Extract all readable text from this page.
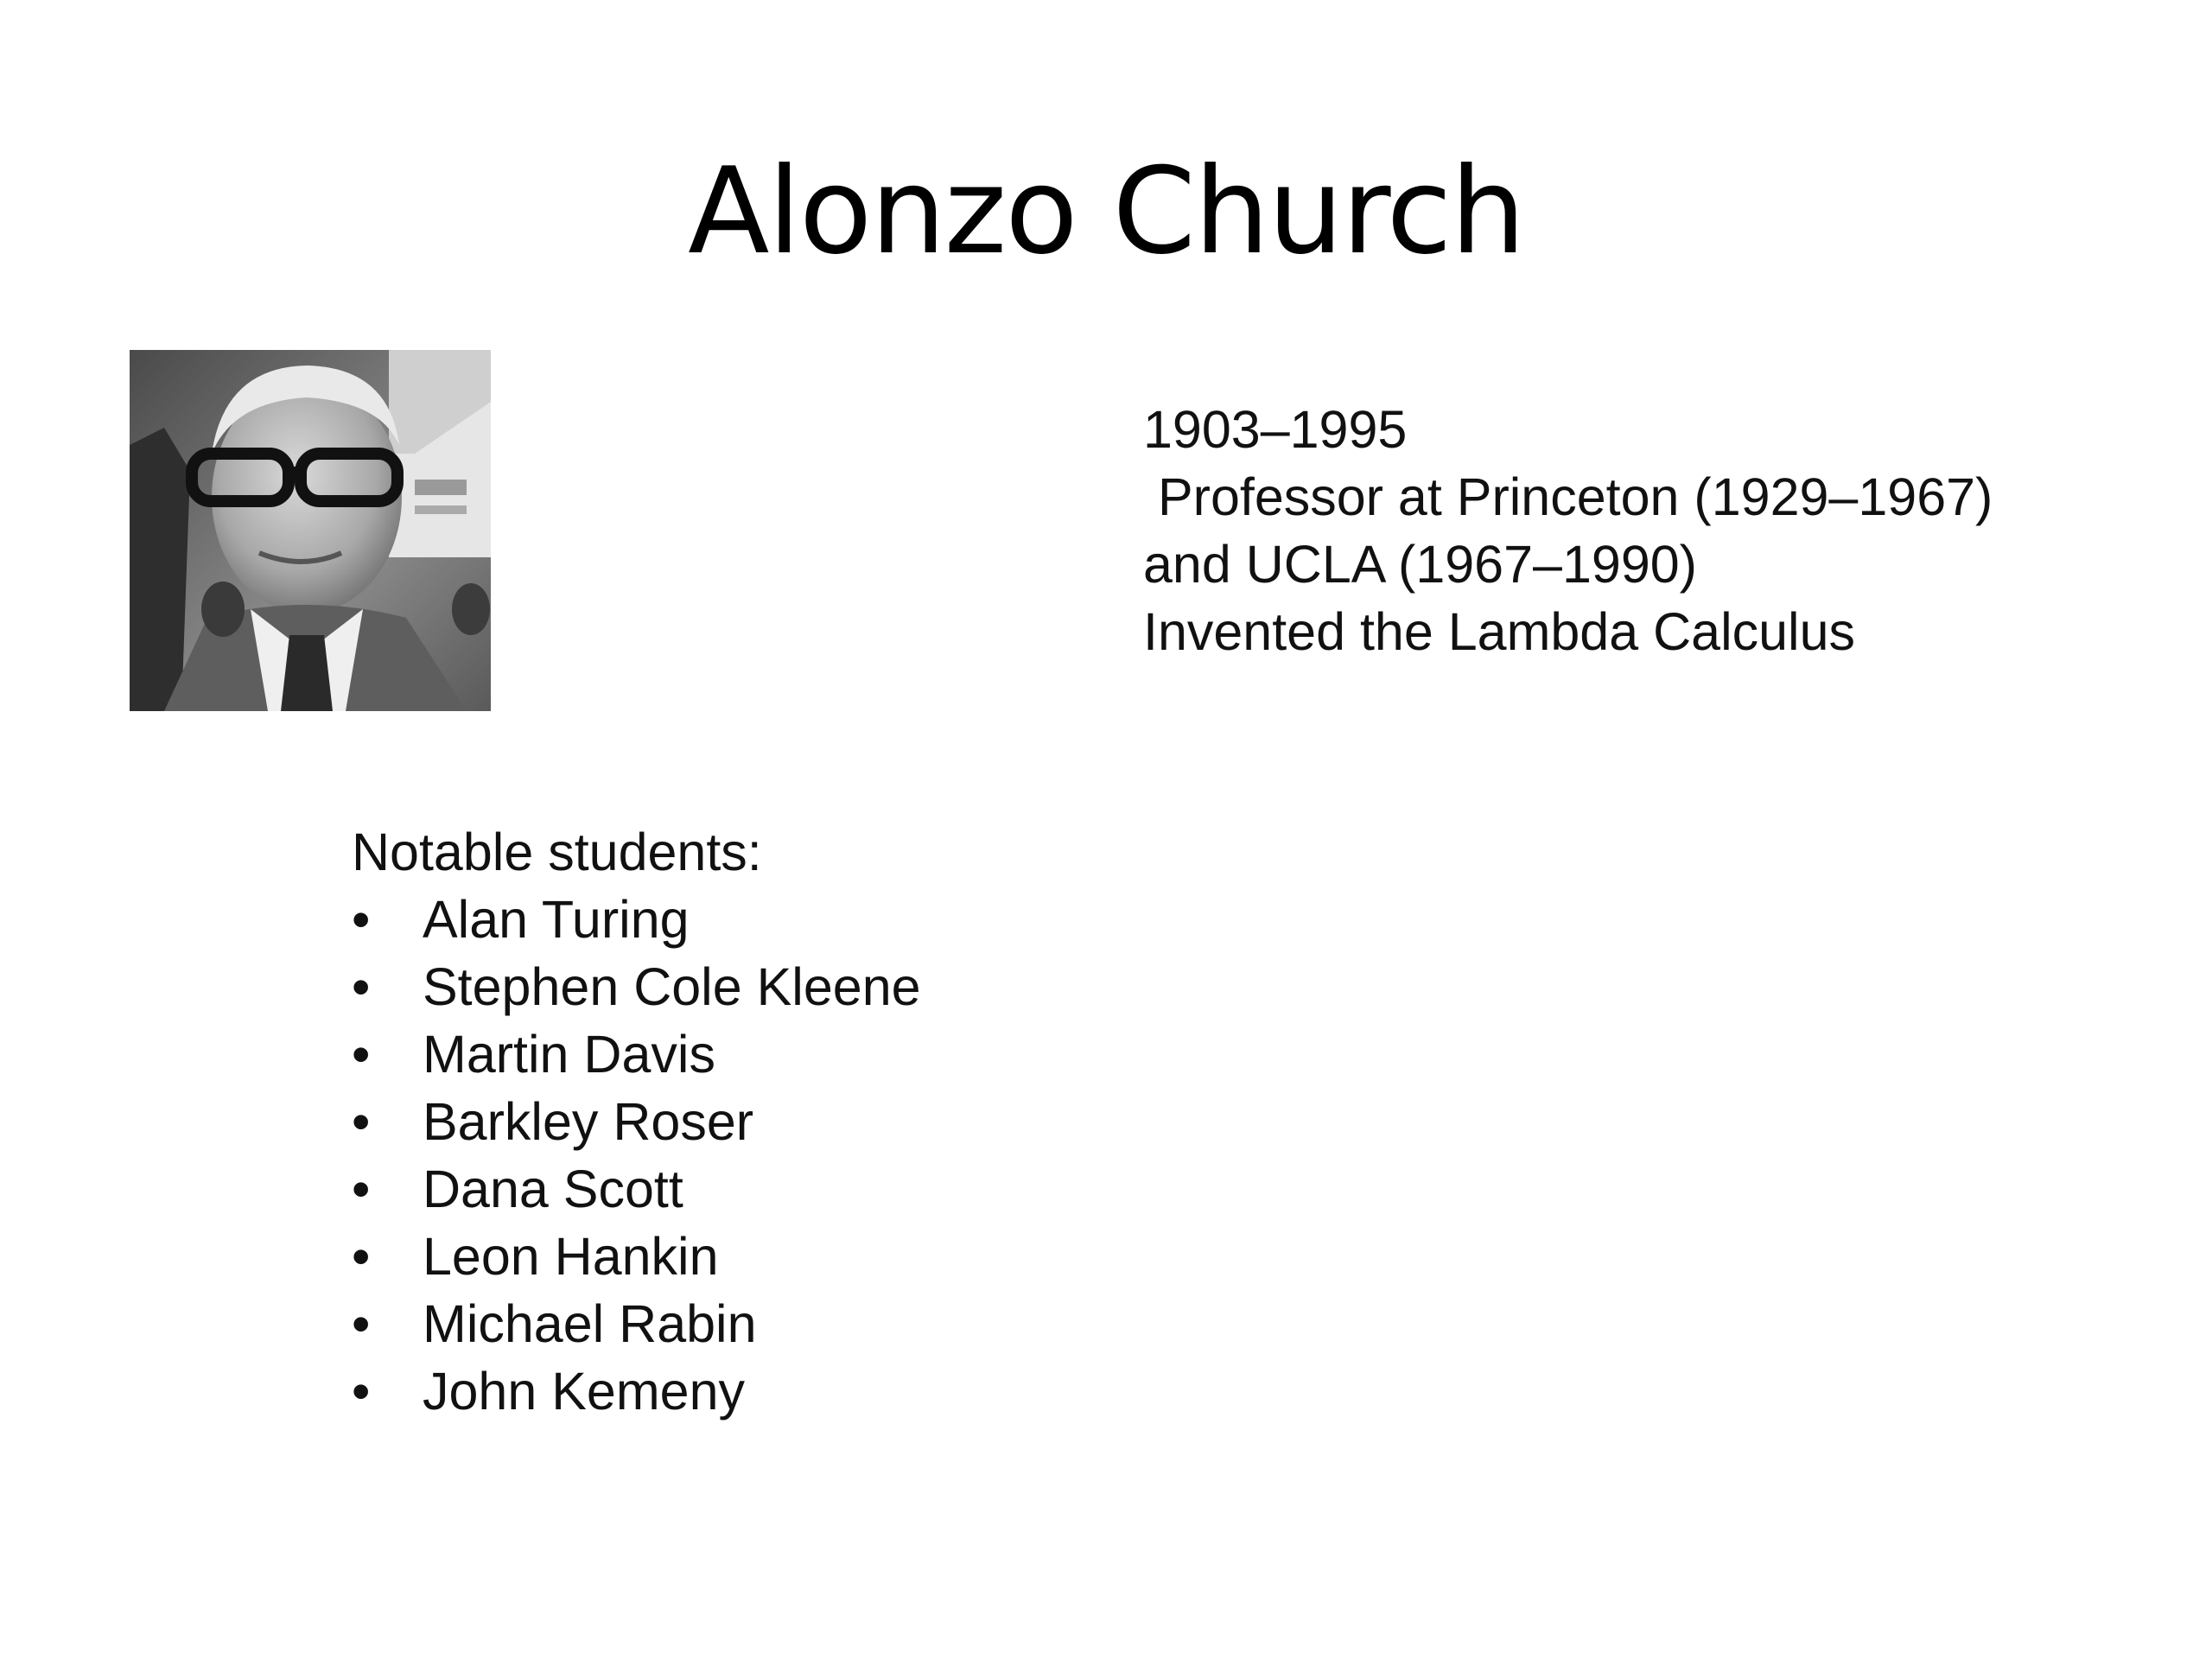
Alonzo Church
1903–1995
Professor at Princeton (1929–1967)
and UCLA (1967–1990)
Invented the Lambda Calculus
Notable students:
• Alan Turing
• Stephen Cole Kleene
• Martin Davis
• Barkley Roser
• Dana Scott
• Leon Hankin
• Michael Rabin
• John Kemeny
